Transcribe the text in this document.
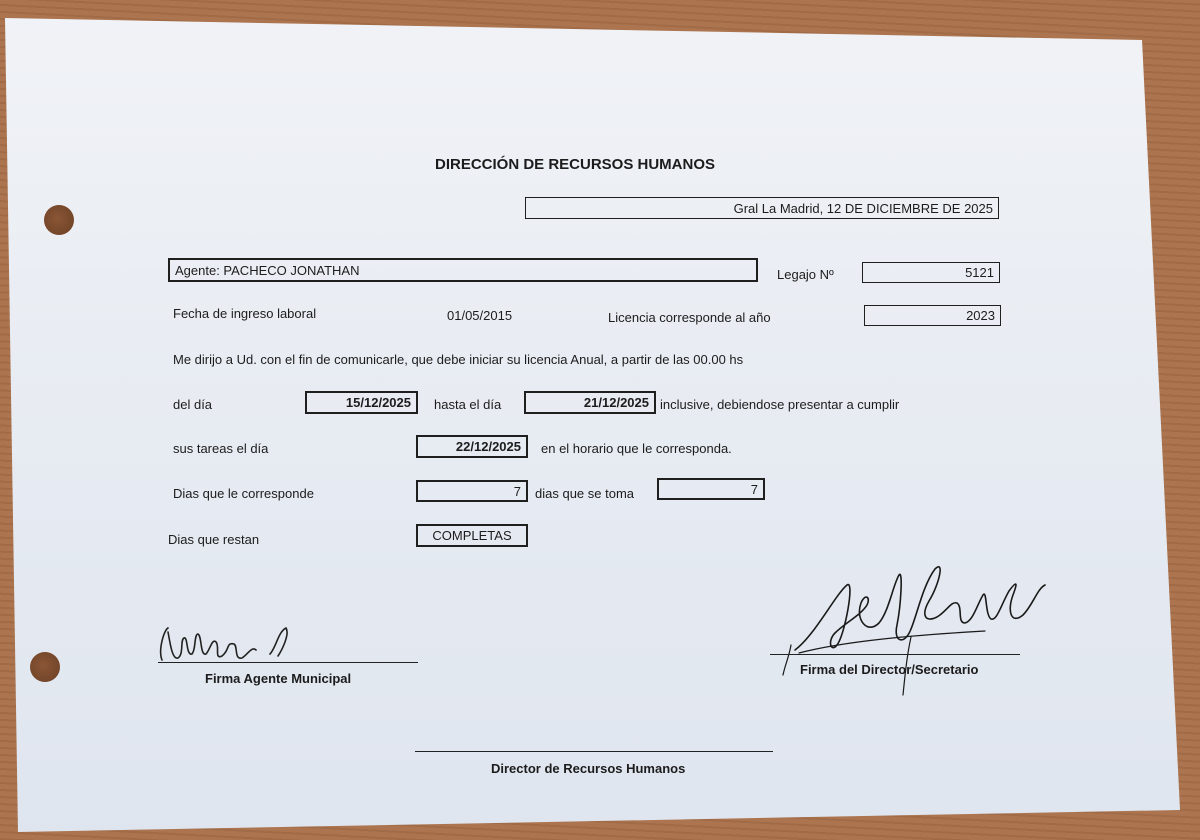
DIRECCIÓN DE RECURSOS HUMANOS
Gral La Madrid, 12 DE DICIEMBRE DE 2025
Agente: PACHECO JONATHAN	Legajo Nº	5121
Fecha de ingreso laboral	01/05/2015	Licencia corresponde al año	2023
Me dirijo a Ud. con el fin de comunicarle, que debe iniciar su licencia Anual, a partir de las 00.00 hs
del día	15/12/2025	hasta el día	21/12/2025 inclusive, debiendose presentar a cumplir
sus tareas el día	22/12/2025	en el horario que le corresponda.
Dias que le corresponde	7	dias que se toma	7
Dias que restan	COMPLETAS
Firma Agente Municipal
Firma del Director/Secretario
Director de Recursos Humanos
